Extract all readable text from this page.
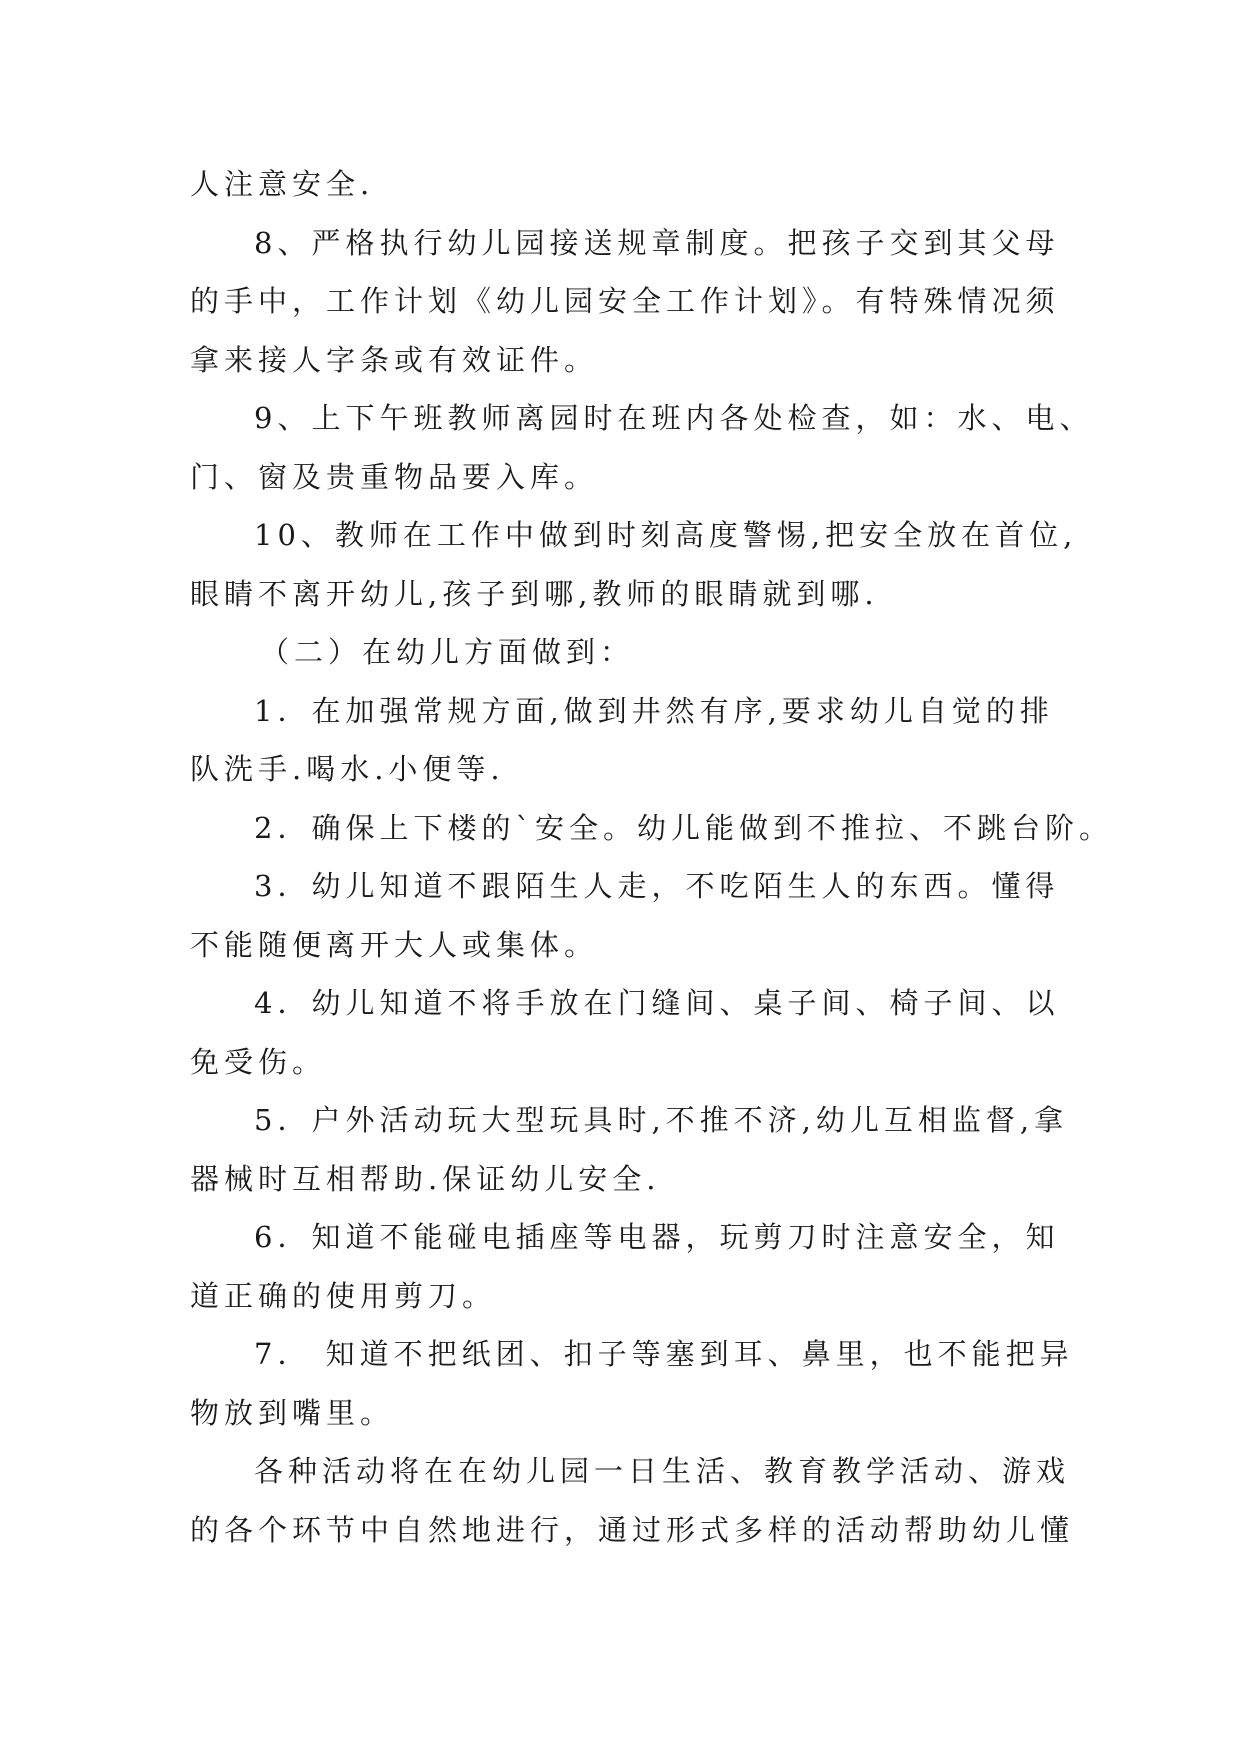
人注意安全.
8、严格执行幼儿园接送规章制度。把孩子交到其父母
的手中，工作计划《幼儿园安全工作计划》。有特殊情况须
拿来接人字条或有效证件。
9、上下午班教师离园时在班内各处检查，如：水、电、
门、窗及贵重物品要入库。
10、教师在工作中做到时刻高度警惕,把安全放在首位,
眼睛不离开幼儿,孩子到哪,教师的眼睛就到哪.
（二）在幼儿方面做到：
1．在加强常规方面,做到井然有序,要求幼儿自觉的排
队洗手.喝水.小便等.
2．确保上下楼的`安全。幼儿能做到不推拉、不跳台阶。
3．幼儿知道不跟陌生人走，不吃陌生人的东西。懂得
不能随便离开大人或集体。
4．幼儿知道不将手放在门缝间、桌子间、椅子间、以
免受伤。
5．户外活动玩大型玩具时,不推不济,幼儿互相监督,拿
器械时互相帮助.保证幼儿安全.
6．知道不能碰电插座等电器，玩剪刀时注意安全，知
道正确的使用剪刀。
7． 知道不把纸团、扣子等塞到耳、鼻里，也不能把异
物放到嘴里。
各种活动将在在幼儿园一日生活、教育教学活动、游戏
的各个环节中自然地进行，通过形式多样的活动帮助幼儿懂
